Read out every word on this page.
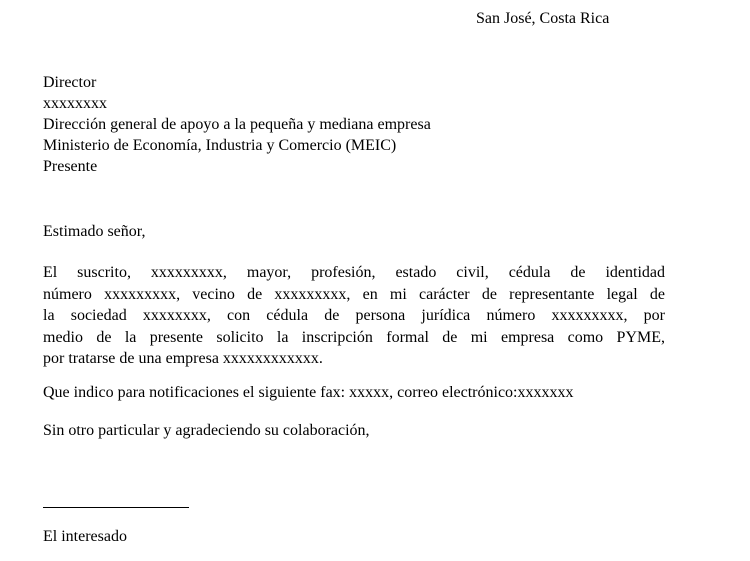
San José, Costa Rica
Director
xxxxxxxx
Dirección general de apoyo a la pequeña y mediana empresa
Ministerio de Economía, Industria y Comercio (MEIC)
Presente
Estimado señor,
El suscrito, xxxxxxxxx, mayor, profesión, estado civil, cédula de identidad
número xxxxxxxxx, vecino de xxxxxxxxx, en mi carácter de representante legal de
la sociedad xxxxxxxx, con cédula de persona jurídica número xxxxxxxxx, por
medio de la presente solicito la inscripción formal de mi empresa como PYME,
por tratarse de una empresa xxxxxxxxxxxx.
Que indico para notificaciones el siguiente fax: xxxxx, correo electrónico:xxxxxxx
Sin otro particular y agradeciendo su colaboración,
El interesado
